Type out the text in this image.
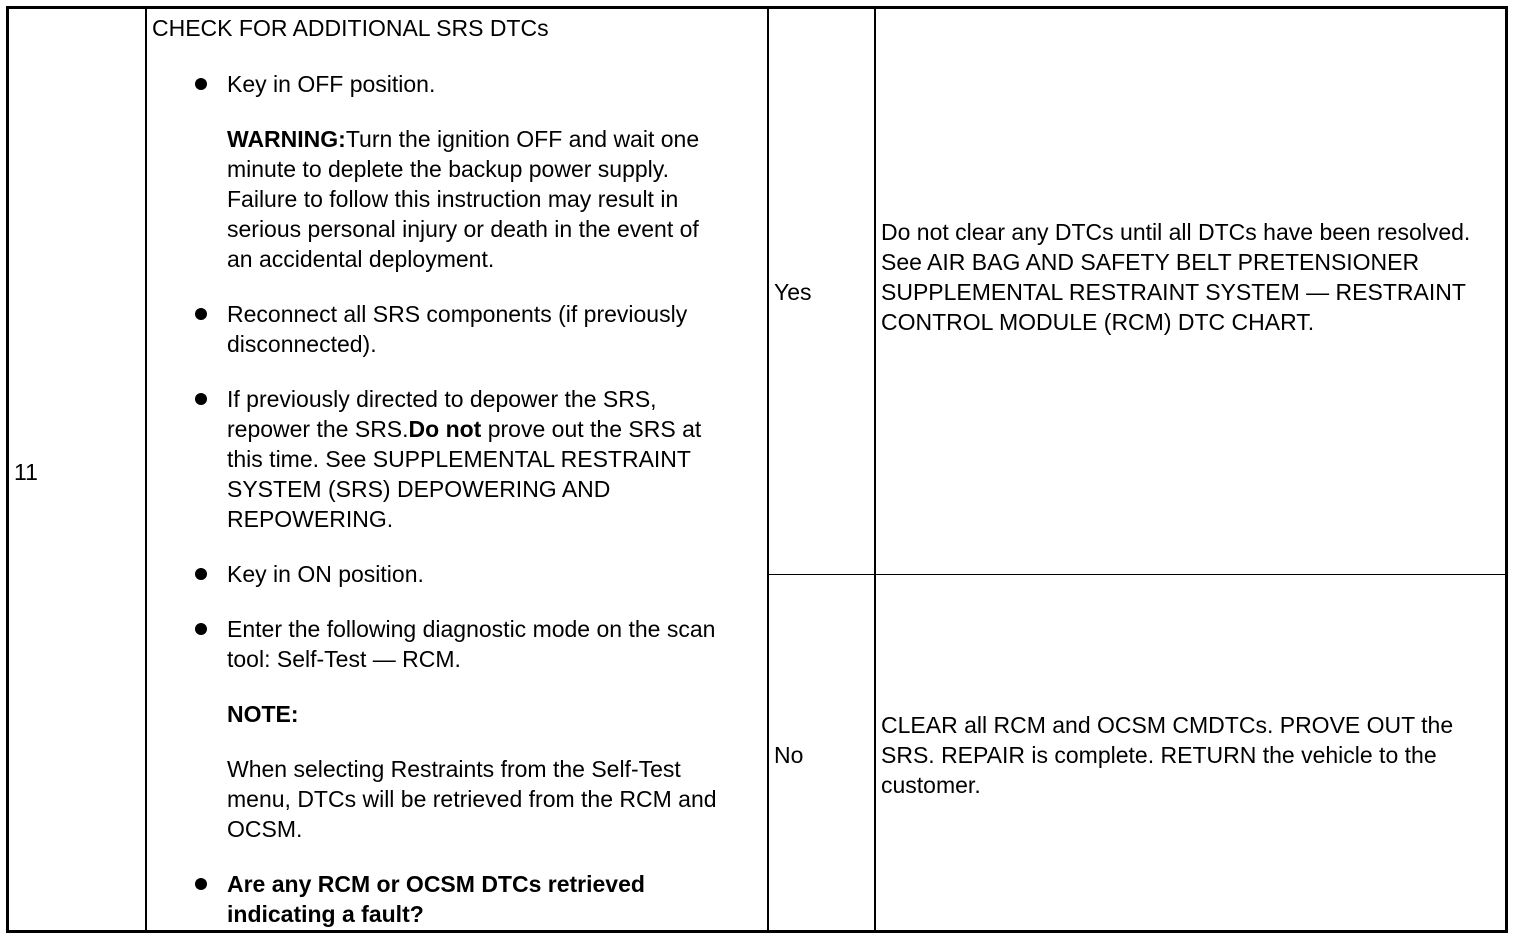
11
CHECK FOR ADDITIONAL SRS DTCs

Key in OFF position.

WARNING:Turn the ignition OFF and wait one minute to deplete the backup power supply. Failure to follow this instruction may result in serious personal injury or death in the event of an accidental deployment.

Reconnect all SRS components (if previously disconnected).

If previously directed to depower the SRS, repower the SRS.Do not prove out the SRS at this time. See SUPPLEMENTAL RESTRAINT SYSTEM (SRS) DEPOWERING AND REPOWERING.

Key in ON position.

Enter the following diagnostic mode on the scan tool: Self-Test — RCM.

NOTE:

When selecting Restraints from the Self-Test menu, DTCs will be retrieved from the RCM and OCSM.

Are any RCM or OCSM DTCs retrieved indicating a fault?

Yes
Do not clear any DTCs until all DTCs have been resolved. See AIR BAG AND SAFETY BELT PRETENSIONER SUPPLEMENTAL RESTRAINT SYSTEM — RESTRAINT CONTROL MODULE (RCM) DTC CHART.
No
CLEAR all RCM and OCSM CMDTCs. PROVE OUT the SRS. REPAIR is complete. RETURN the vehicle to the customer.
